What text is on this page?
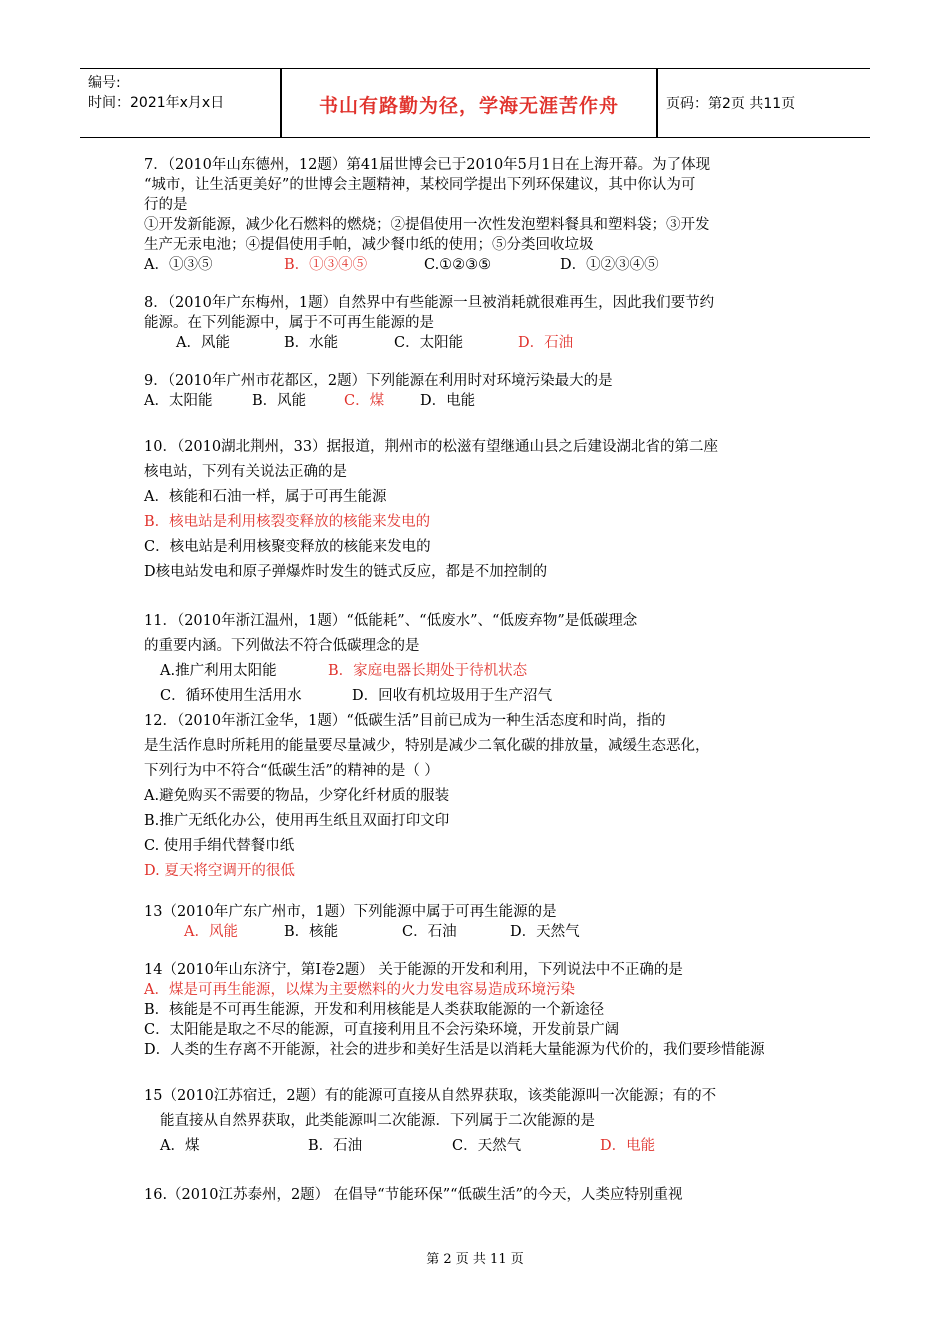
编号:
时间：2021年x月x日	书山有路勤为径，学海无涯苦作舟	页码：第2页 共11页
7．（2010年山东德州，12题）第41届世博会已于2010年5月1日在上海开幕。为了体现
“城市，让生活更美好”的世博会主题精神，某校同学提出下列环保建议，其中你认为可
行的是
①开发新能源，减少化石燃料的燃烧；②提倡使用一次性发泡塑料餐具和塑料袋；③开发
生产无汞电池；④提倡使用手帕，减少餐巾纸的使用；⑤分类回收垃圾
A．①③⑤	B．①③④⑤	C.①②③⑤	D．①②③④⑤
8．（2010年广东梅州，1题）自然界中有些能源一旦被消耗就很难再生，因此我们要节约
能源。在下列能源中，属于不可再生能源的是
A．风能	B．水能	C．太阳能	D．石油
9．（2010年广州市花都区，2题）下列能源在利用时对环境污染最大的是
A．太阳能	B．风能	C．煤 D．电能
10．（2010湖北荆州，33）据报道，荆州市的松滋有望继通山县之后建设湖北省的第二座
核电站，下列有关说法正确的是
A．核能和石油一样，属于可再生能源
B．核电站是利用核裂变释放的核能来发电的
C．核电站是利用核聚变释放的核能来发电的
D核电站发电和原子弹爆炸时发生的链式反应，都是不加控制的
11．（2010年浙江温州，1题）“低能耗”、“低废水”、“低废弃物”是低碳理念
的重要内涵。下列做法不符合低碳理念的是
A.推广利用太阳能	B．家庭电器长期处于待机状态
C．循环使用生活用水	D．回收有机垃圾用于生产沼气
12．（2010年浙江金华，1题）“低碳生活”目前已成为一种生活态度和时尚，指的
是生活作息时所耗用的能量要尽量减少，特别是减少二氧化碳的排放量，减缓生态恶化，
下列行为中不符合“低碳生活”的精神的是（ ）
A.避免购买不需要的物品，少穿化纤材质的服装
B.推广无纸化办公，使用再生纸且双面打印文印
C. 使用手绢代替餐巾纸
D. 夏天将空调开的很低
13（2010年广东广州市，1题）下列能源中属于可再生能源的是
A．风能	B．核能	C．石油	D．天然气
14（2010年山东济宁，第Ⅰ卷2题） 关于能源的开发和利用，下列说法中不正确的是
A．煤是可再生能源，以煤为主要燃料的火力发电容易造成环境污染
B．核能是不可再生能源，开发和利用核能是人类获取能源的一个新途径
C．太阳能是取之不尽的能源，可直接利用且不会污染环境，开发前景广阔
D．人类的生存离不开能源，社会的进步和美好生活是以消耗大量能源为代价的，我们要珍惜能源
15（2010江苏宿迁，2题）有的能源可直接从自然界获取，该类能源叫一次能源；有的不
能直接从自然界获取，此类能源叫二次能源．下列属于二次能源的是
A．煤	B．石油	C．天然气	D．电能
16.（2010江苏泰州，2题） 在倡导“节能环保”“低碳生活”的今天，人类应特别重视
第 2 页 共 11 页
